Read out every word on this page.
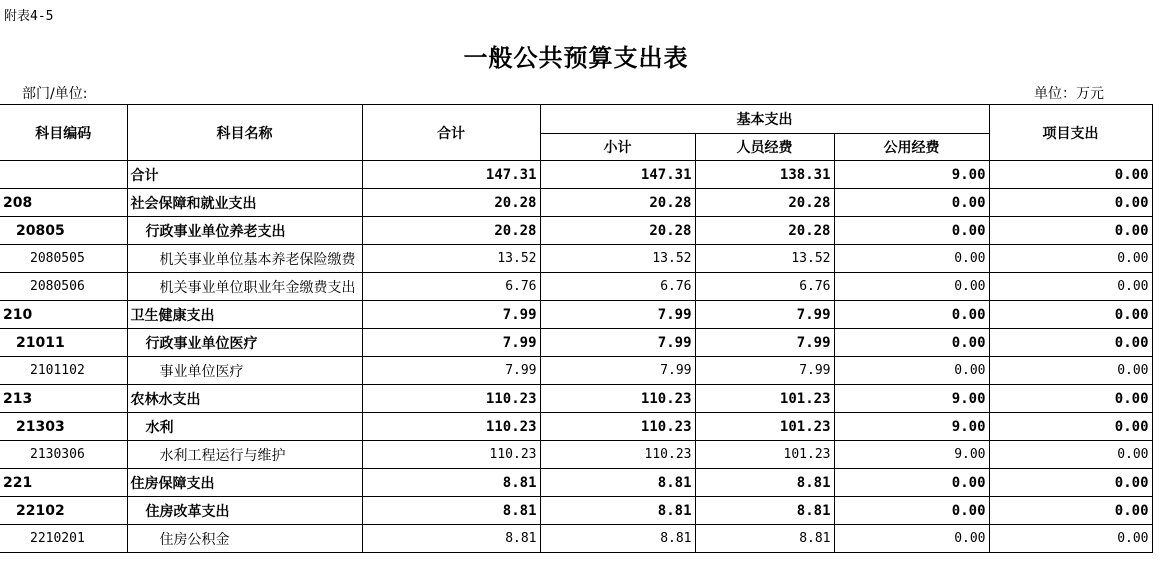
附表4-5
一般公共预算支出表
部门/单位:	单位：万元
科目编码	科目名称	合计	基本支出			项目支出
			小计	人员经费	公用经费	
	合计	147.31	147.31	138.31	9.00	0.00
208	社会保障和就业支出	20.28	20.28	20.28	0.00	0.00
20805	行政事业单位养老支出	20.28	20.28	20.28	0.00	0.00
2080505	机关事业单位基本养老保险缴费	13.52	13.52	13.52	0.00	0.00
2080506	机关事业单位职业年金缴费支出	6.76	6.76	6.76	0.00	0.00
210	卫生健康支出	7.99	7.99	7.99	0.00	0.00
21011	行政事业单位医疗	7.99	7.99	7.99	0.00	0.00
2101102	事业单位医疗	7.99	7.99	7.99	0.00	0.00
213	农林水支出	110.23	110.23	101.23	9.00	0.00
21303	水利	110.23	110.23	101.23	9.00	0.00
2130306	水利工程运行与维护	110.23	110.23	101.23	9.00	0.00
221	住房保障支出	8.81	8.81	8.81	0.00	0.00
22102	住房改革支出	8.81	8.81	8.81	0.00	0.00
2210201	住房公积金	8.81	8.81	8.81	0.00	0.00
